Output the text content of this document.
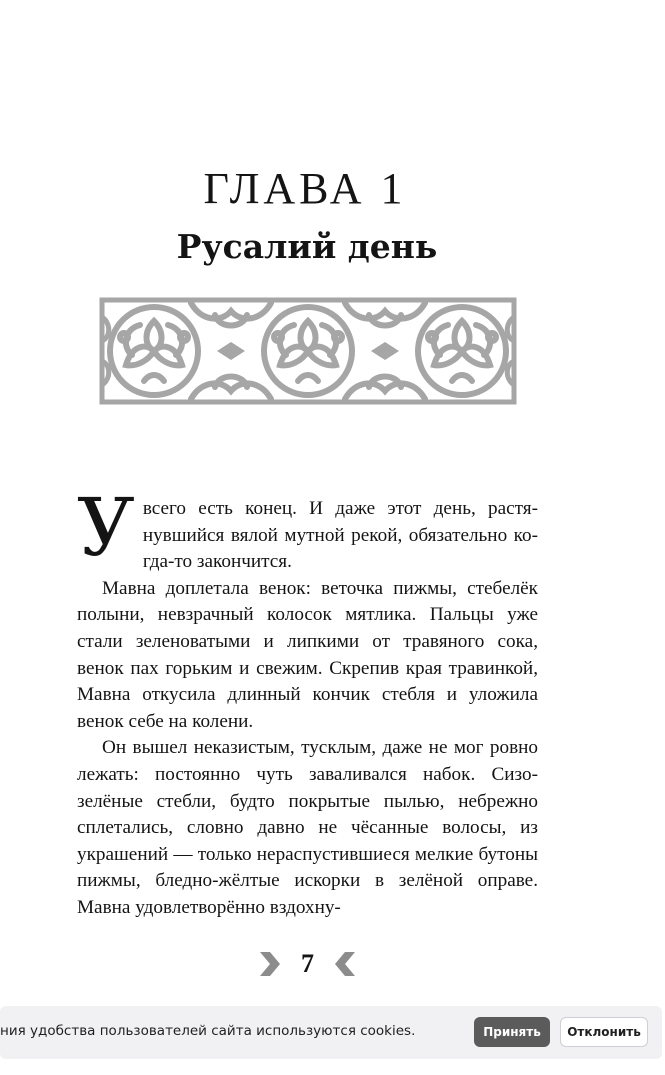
ГЛАВА 1
Русалий день

У всего есть конец. И даже этот день, растянувшийся вялой мутной рекой, обязательно когда-то закончится.

Мавна доплетала венок: веточка пижмы, стебелёк полыни, невзрачный колосок мятлика. Пальцы уже стали зеленоватыми и липкими от травяного сока, венок пах горьким и свежим. Скрепив края травинкой, Мавна откусила длинный кончик стебля и уложила венок себе на колени.

Он вышел неказистым, тусклым, даже не мог ровно лежать: постоянно чуть заваливался набок. Сизо-зелёные стебли, будто покрытые пылью, небрежно сплетались, словно давно не чёсанные волосы, из украшений — только нераспустившиеся мелкие бутоны пижмы, бледно-жёлтые искорки в зелёной оправе. Мавна удовлетворённо вздохну-

7
ния удобства пользователей сайта используются cookies.	Принять	Отклонить
